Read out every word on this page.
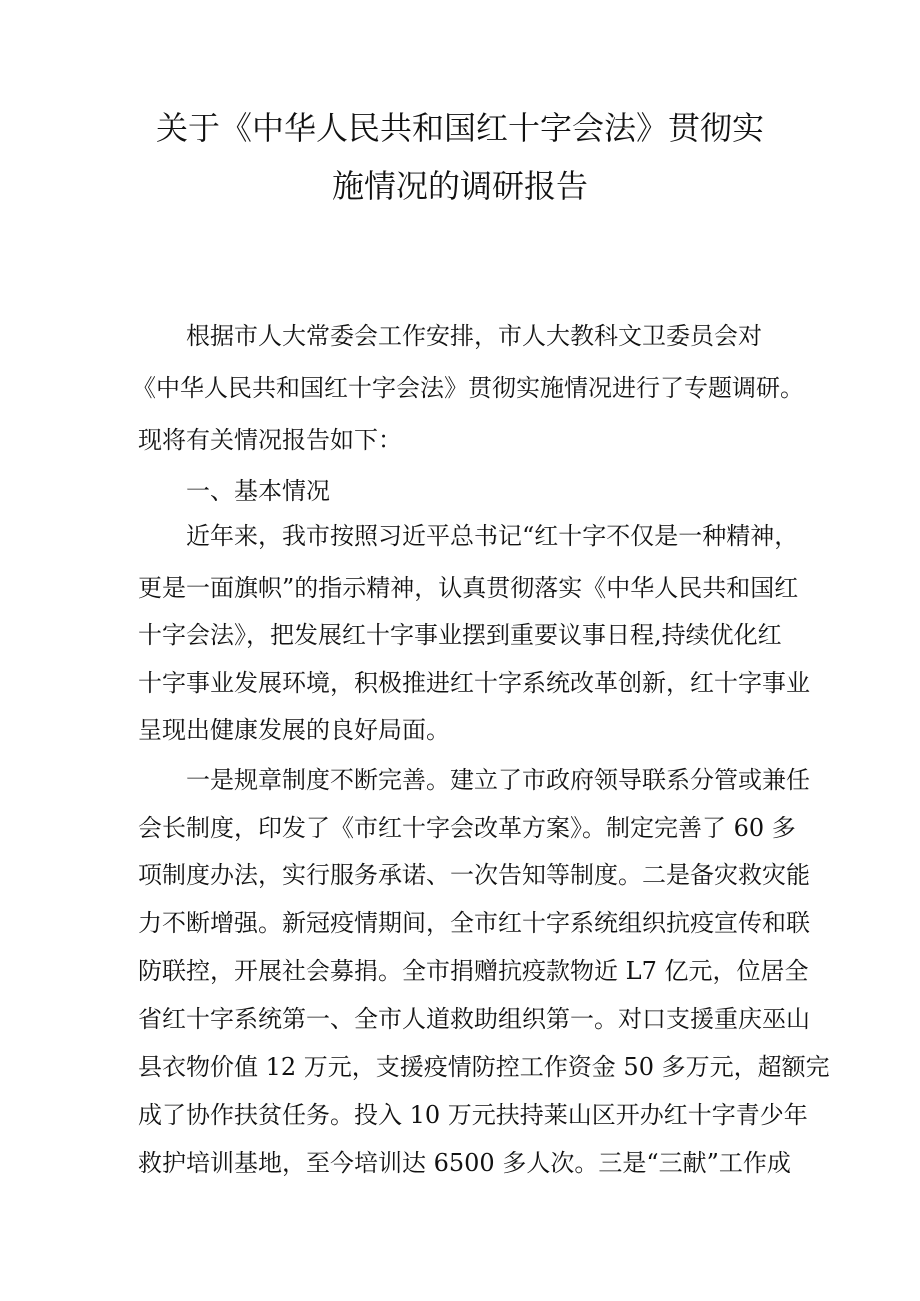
关于《中华人民共和国红十字会法》贯彻实
施情况的调研报告
根据市人大常委会工作安排，市人大教科文卫委员会对
《中华人民共和国红十字会法》贯彻实施情况进行了专题调研。
现将有关情况报告如下：
一、基本情况
近年来，我市按照习近平总书记“红十字不仅是一种精神，
更是一面旗帜”的指示精神，认真贯彻落实《中华人民共和国红
十字会法》，把发展红十字事业摆到重要议事日程,持续优化红
十字事业发展环境，积极推进红十字系统改革创新，红十字事业
呈现出健康发展的良好局面。
一是规章制度不断完善。建立了市政府领导联系分管或兼任
会长制度，印发了《市红十字会改革方案》。制定完善了 60 多
项制度办法，实行服务承诺、一次告知等制度。二是备灾救灾能
力不断增强。新冠疫情期间，全市红十字系统组织抗疫宣传和联
防联控，开展社会募捐。全市捐赠抗疫款物近 L7 亿元，位居全
省红十字系统第一、全市人道救助组织第一。对口支援重庆巫山
县衣物价值 12 万元，支援疫情防控工作资金 50 多万元，超额完
成了协作扶贫任务。投入 10 万元扶持莱山区开办红十字青少年
救护培训基地，至今培训达 6500 多人次。三是“三献”工作成
